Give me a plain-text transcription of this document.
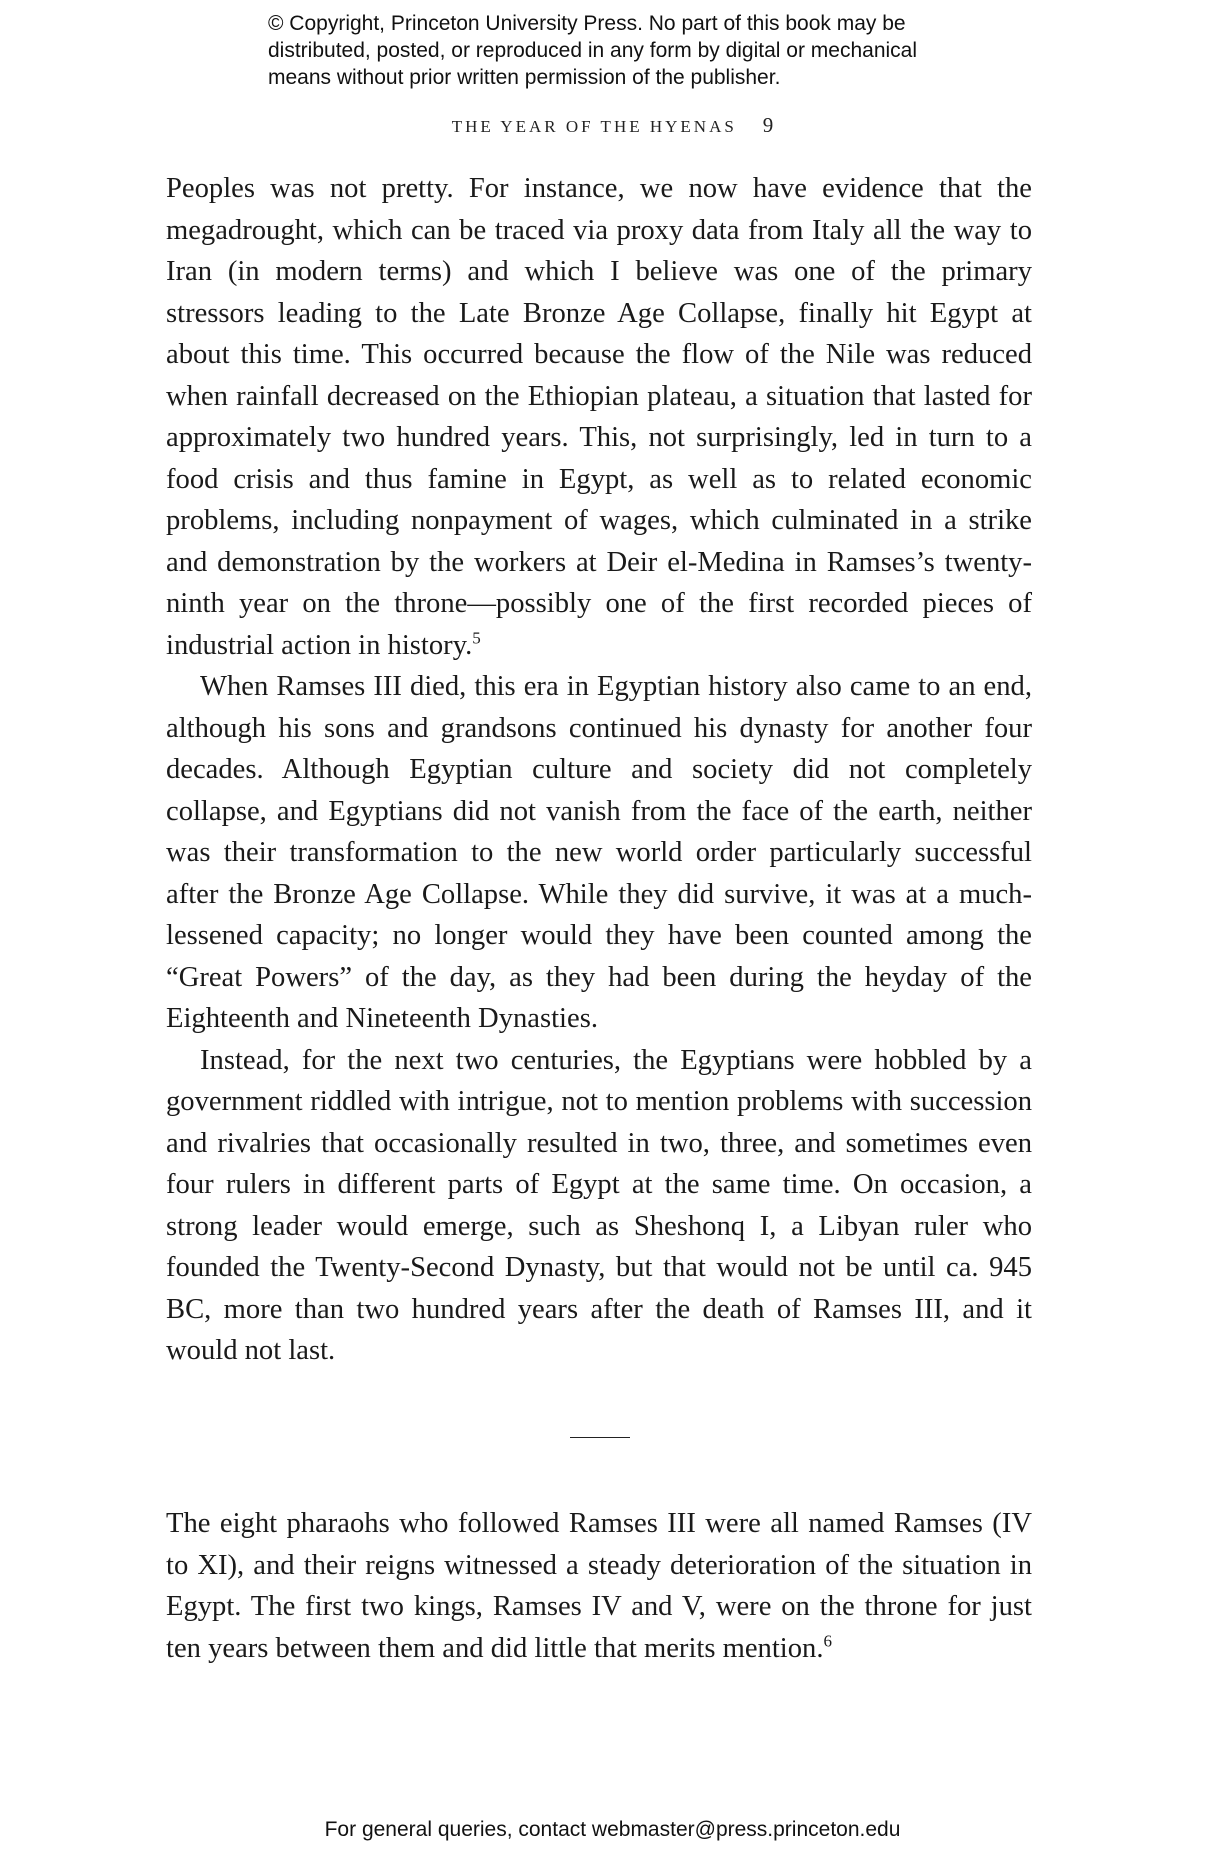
© Copyright, Princeton University Press. No part of this book may be
distributed, posted, or reproduced in any form by digital or mechanical
means without prior written permission of the publisher.
THE YEAR OF THE HYENAS 9

Peoples was not pretty. For instance, we now have evidence that the megadrought, which can be traced via proxy data from Italy all the way to Iran (in modern terms) and which I believe was one of the primary stressors leading to the Late Bronze Age Collapse, finally hit Egypt at about this time. This occurred because the flow of the Nile was reduced when rainfall decreased on the Ethiopian plateau, a situation that lasted for approximately two hundred years. This, not surprisingly, led in turn to a food crisis and thus famine in Egypt, as well as to related economic problems, including nonpayment of wages, which culminated in a strike and demonstration by the workers at Deir el-Medina in Ramses’s twenty-ninth year on the throne—possibly one of the first recorded pieces of industrial action in history.$^5$

When Ramses III died, this era in Egyptian history also came to an end, although his sons and grandsons continued his dynasty for another four decades. Although Egyptian culture and society did not completely collapse, and Egyptians did not vanish from the face of the earth, neither was their transformation to the new world order particularly successful after the Bronze Age Collapse. While they did survive, it was at a much-lessened capacity; no longer would they have been counted among the “Great Powers” of the day, as they had been during the heyday of the Eighteenth and Nineteenth Dynasties.

Instead, for the next two centuries, the Egyptians were hobbled by a government riddled with intrigue, not to mention problems with succession and rivalries that occasionally resulted in two, three, and sometimes even four rulers in different parts of Egypt at the same time. On occasion, a strong leader would emerge, such as Sheshonq I, a Libyan ruler who founded the Twenty-Second Dynasty, but that would not be until ca. 945 BC, more than two hundred years after the death of Ramses III, and it would not last.

The eight pharaohs who followed Ramses III were all named Ramses (IV to XI), and their reigns witnessed a steady deterioration of the situation in Egypt. The first two kings, Ramses IV and V, were on the throne for just ten years between them and did little that merits mention.$^6$

For general queries, contact webmaster@press.princeton.edu
